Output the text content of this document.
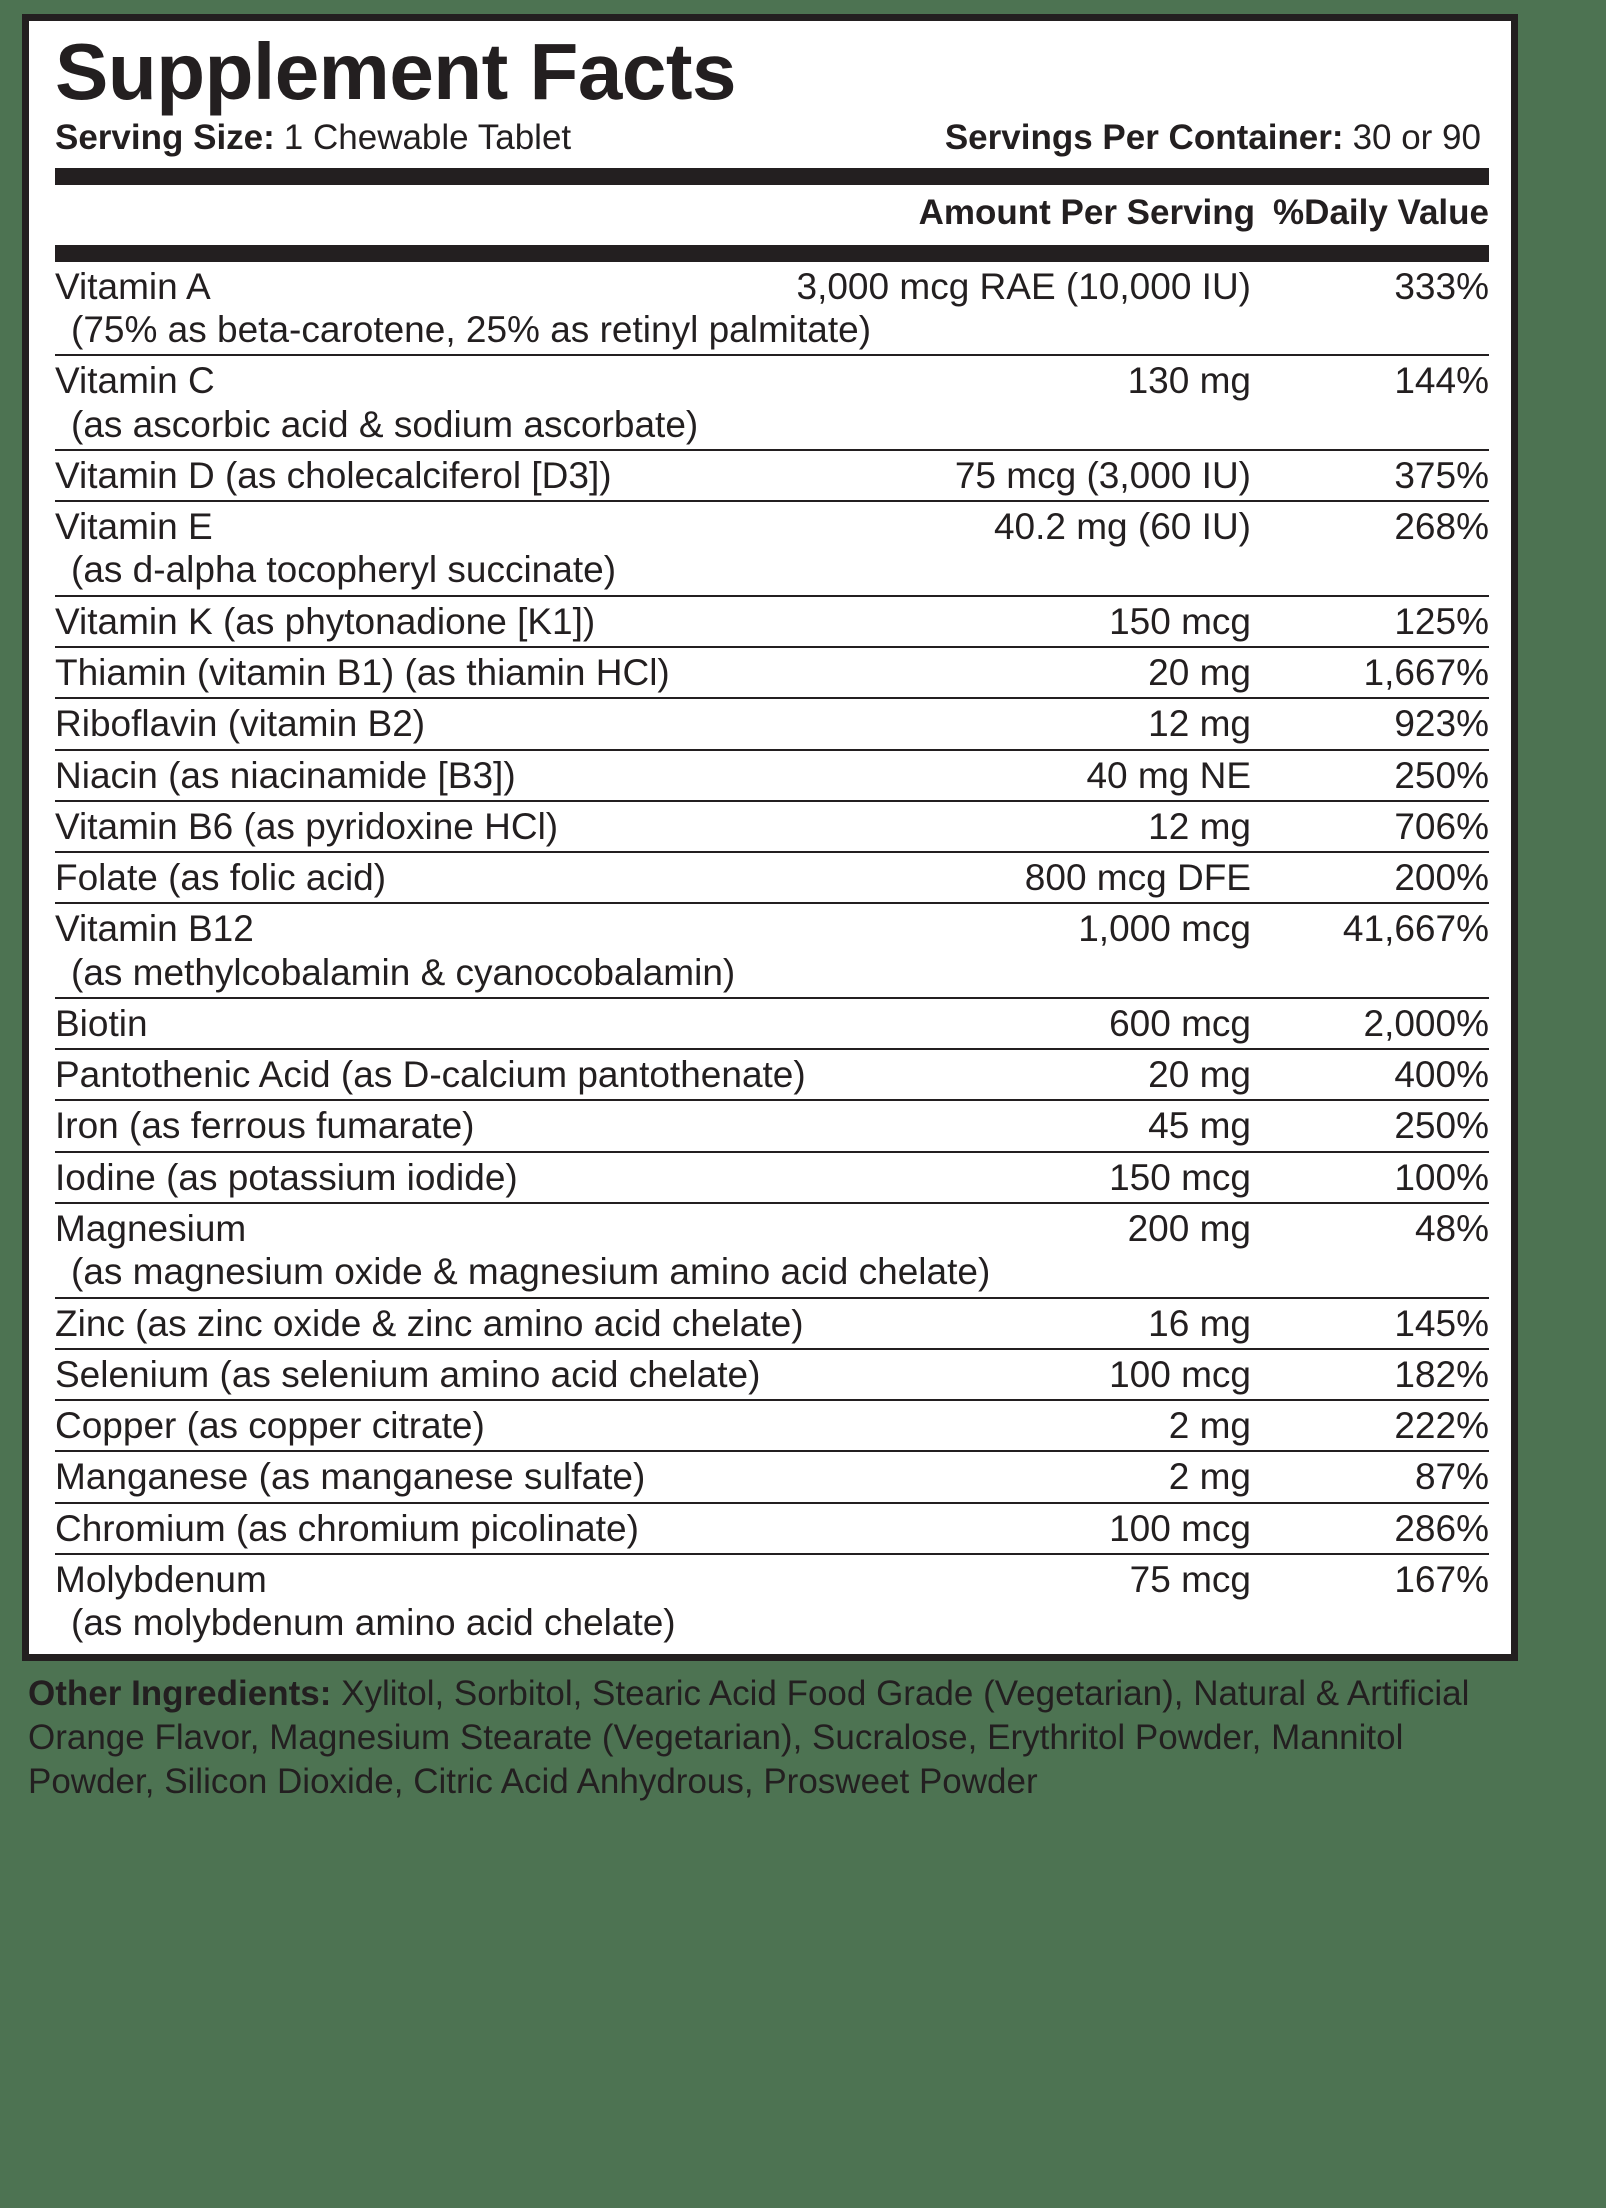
Supplement Facts
Serving Size: 1 Chewable Tablet	Servings Per Container: 30 or 90
Amount Per Serving %Daily Value
Vitamin A	3,000 mcg RAE (10,000 IU)	333%
(75% as beta-carotene, 25% as retinyl palmitate)
Vitamin C	130 mg	144%
(as ascorbic acid & sodium ascorbate)
Vitamin D (as cholecalciferol [D3])	75 mcg (3,000 IU)	375%
Vitamin E	40.2 mg (60 IU)	268%
(as d-alpha tocopheryl succinate)
Vitamin K (as phytonadione [K1])	150 mcg	125%
Thiamin (vitamin B1) (as thiamin HCl)	20 mg	1,667%
Riboflavin (vitamin B2)	12 mg	923%
Niacin (as niacinamide [B3])	40 mg NE	250%
Vitamin B6 (as pyridoxine HCl)	12 mg	706%
Folate (as folic acid)	800 mcg DFE	200%
Vitamin B12	1,000 mcg	41,667%
(as methylcobalamin & cyanocobalamin)
Biotin	600 mcg	2,000%
Pantothenic Acid (as D-calcium pantothenate)	20 mg	400%
Iron (as ferrous fumarate)	45 mg	250%
Iodine (as potassium iodide)	150 mcg	100%
Magnesium	200 mg	48%
(as magnesium oxide & magnesium amino acid chelate)
Zinc (as zinc oxide & zinc amino acid chelate)	16 mg	145%
Selenium (as selenium amino acid chelate)	100 mcg	182%
Copper (as copper citrate)	2 mg	222%
Manganese (as manganese sulfate)	2 mg	87%
Chromium (as chromium picolinate)	100 mcg	286%
Molybdenum	75 mcg	167%
(as molybdenum amino acid chelate)
Other Ingredients: Xylitol, Sorbitol, Stearic Acid Food Grade (Vegetarian), Natural & Artificial Orange Flavor, Magnesium Stearate (Vegetarian), Sucralose, Erythritol Powder, Mannitol Powder, Silicon Dioxide, Citric Acid Anhydrous, Prosweet Powder
